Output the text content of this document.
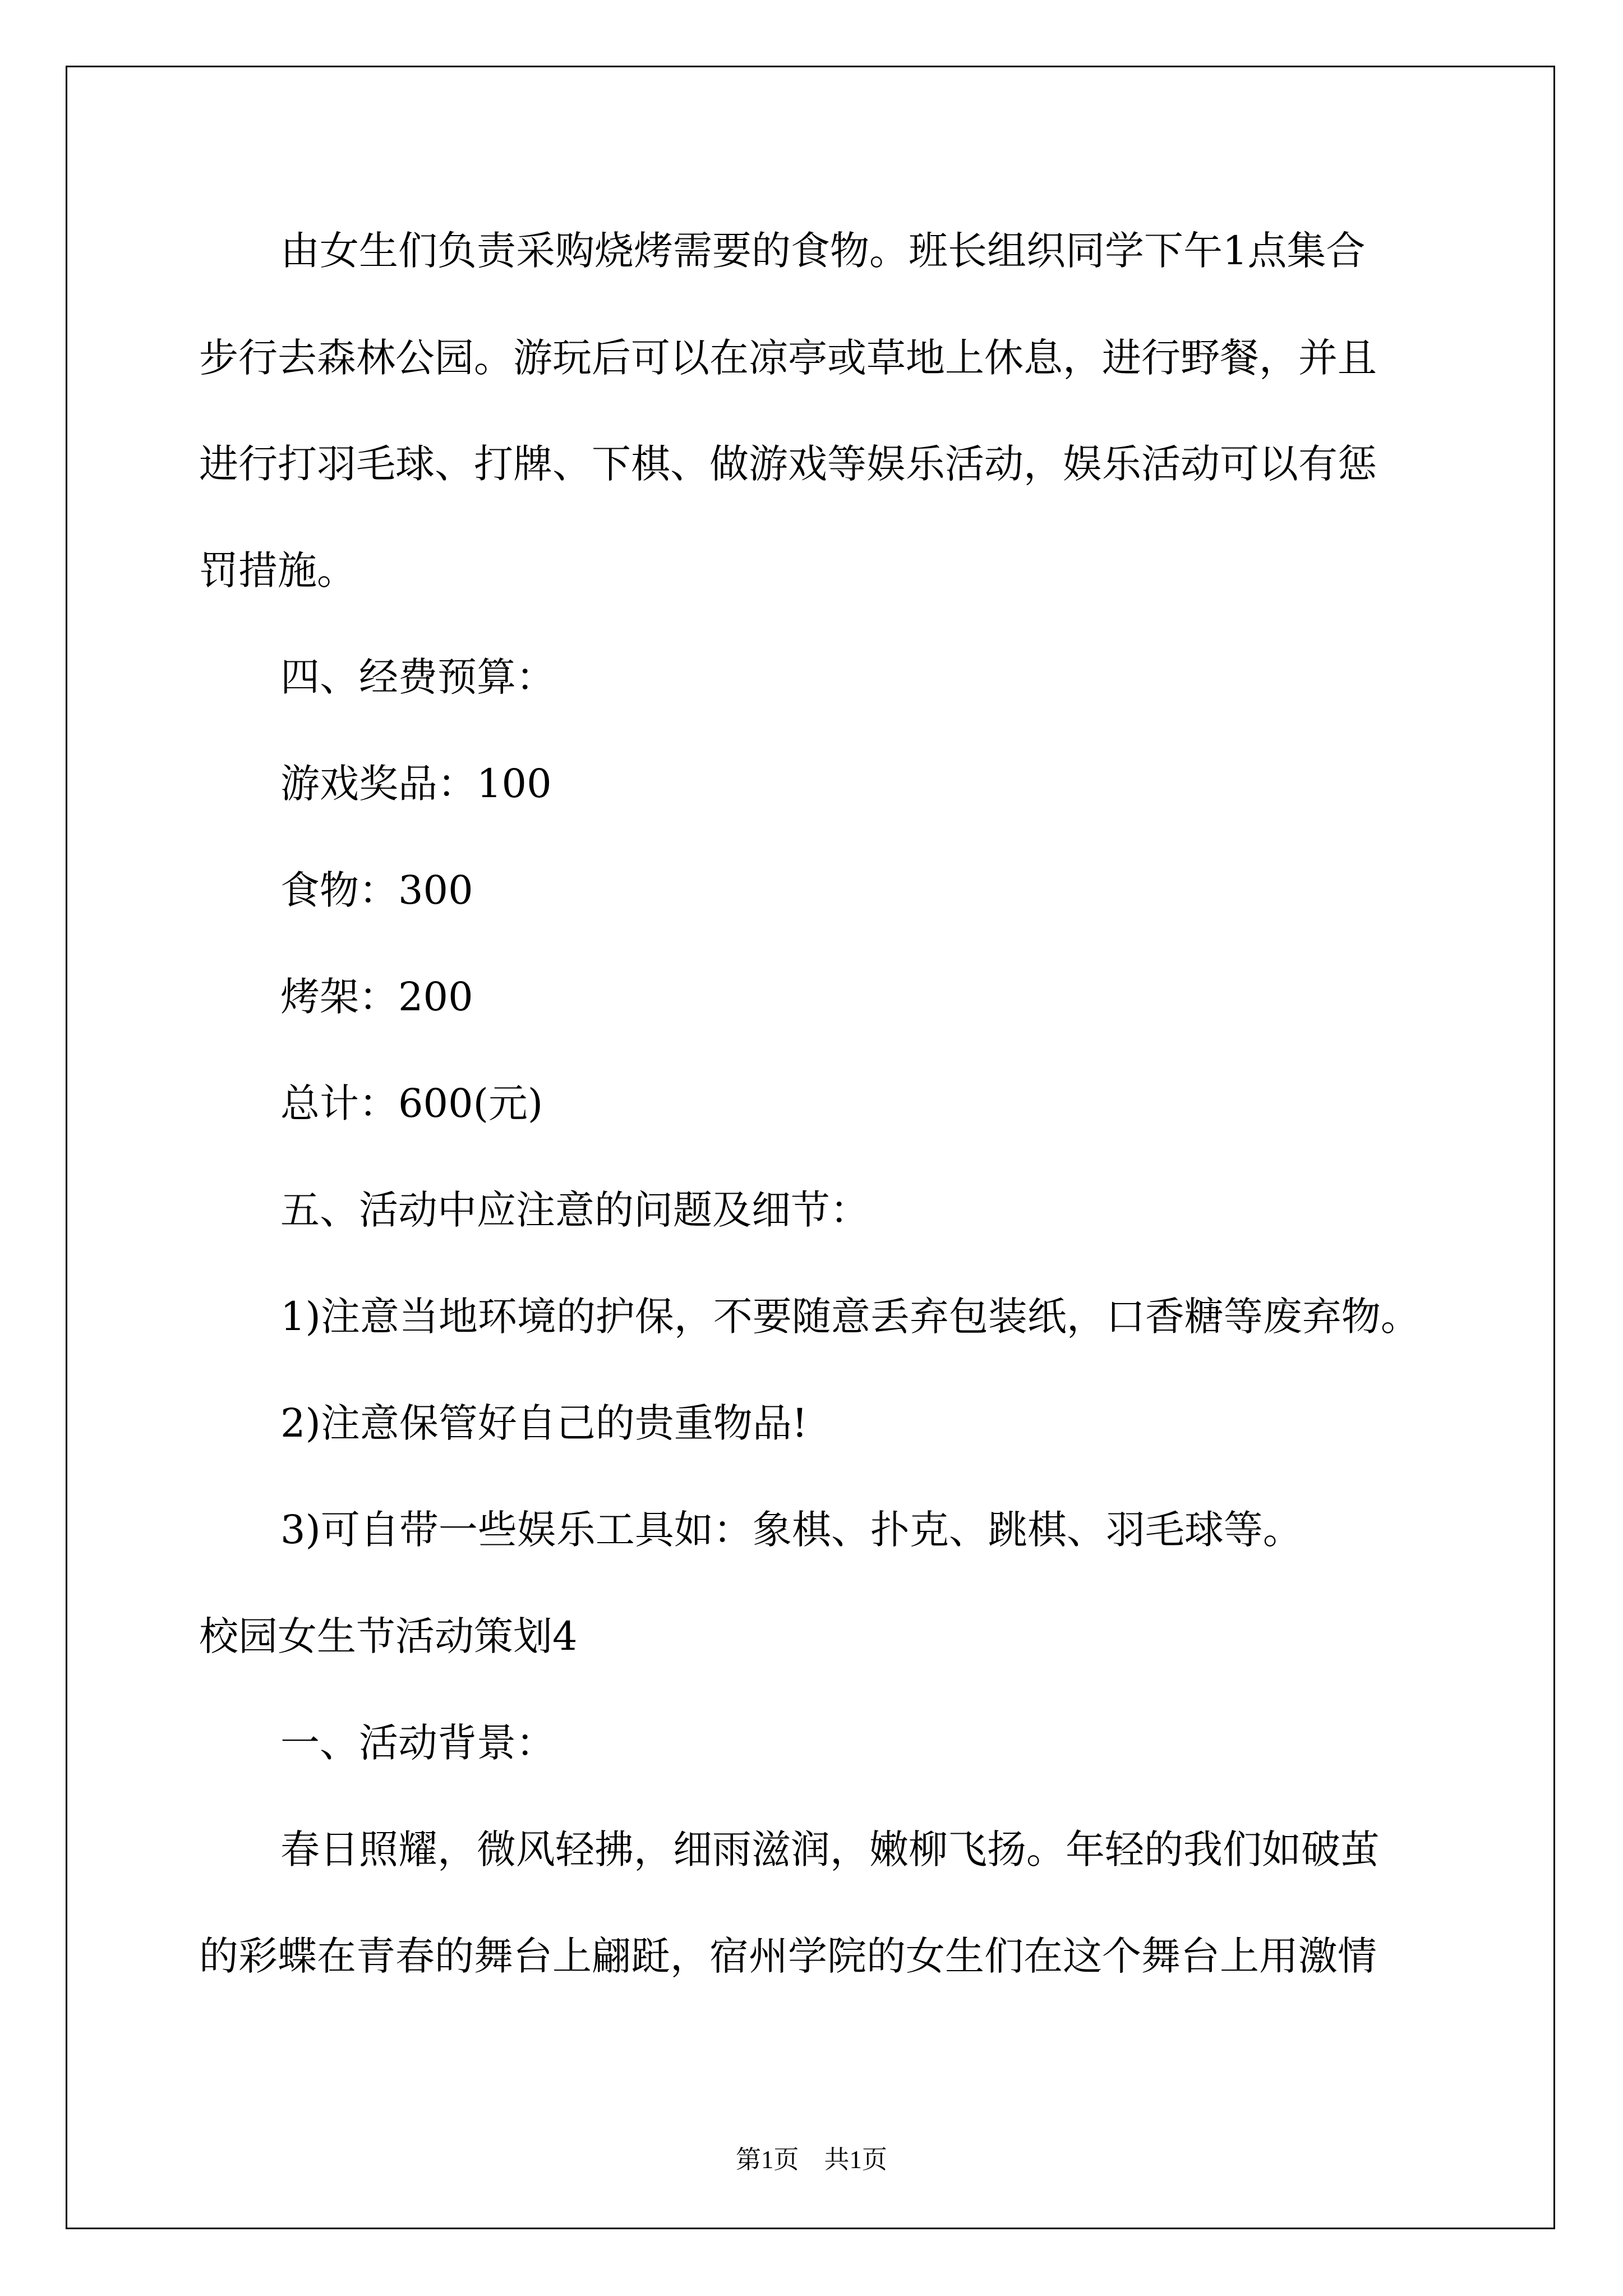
由女生们负责采购烧烤需要的食物。班长组织同学下午1点集合
步行去森林公园。游玩后可以在凉亭或草地上休息，进行野餐，并且
进行打羽毛球、打牌、下棋、做游戏等娱乐活动，娱乐活动可以有惩
罚措施。
四、经费预算：
游戏奖品：100
食物：300
烤架：200
总计：600(元)
五、活动中应注意的问题及细节：
1)注意当地环境的护保，不要随意丢弃包装纸，口香糖等废弃物。
2)注意保管好自己的贵重物品!
3)可自带一些娱乐工具如：象棋、扑克、跳棋、羽毛球等。
校园女生节活动策划4
一、活动背景：
春日照耀，微风轻拂，细雨滋润，嫩柳飞扬。年轻的我们如破茧
的彩蝶在青春的舞台上翩跹，宿州学院的女生们在这个舞台上用激情
第1页　共1页
